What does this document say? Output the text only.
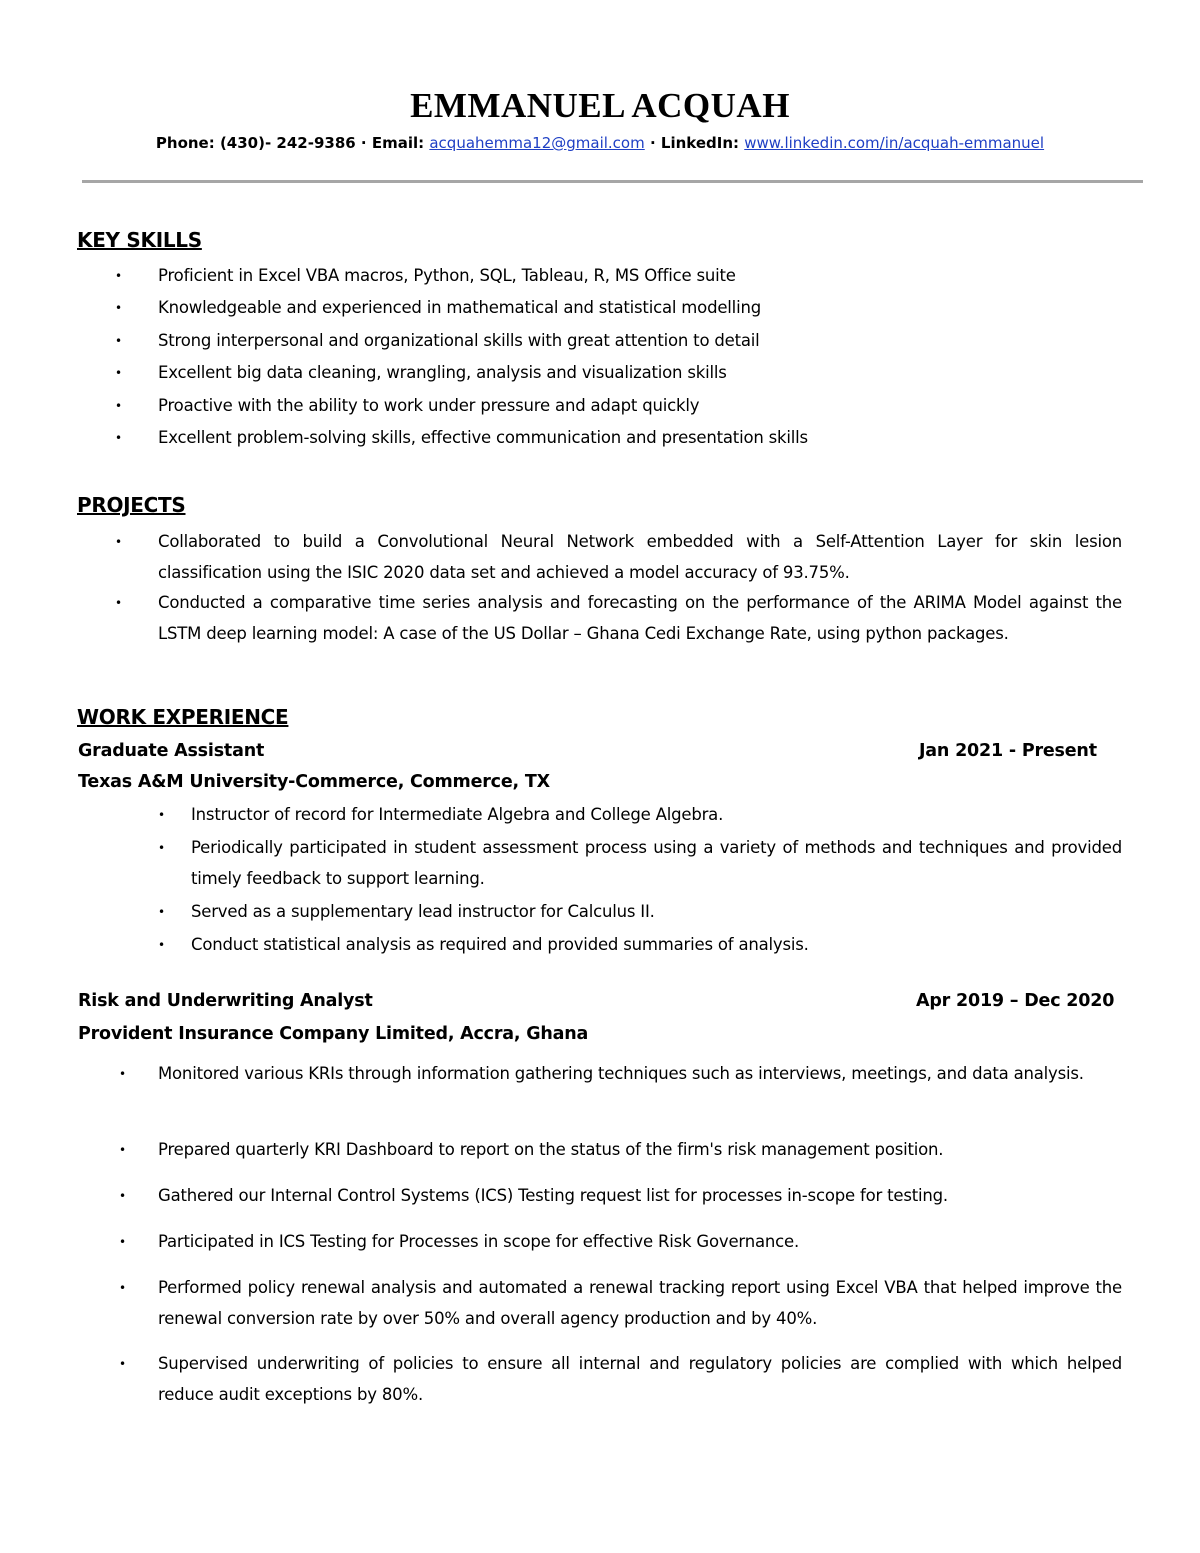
EMMANUEL ACQUAH
Phone: (430)- 242-9386 · Email: acquahemma12@gmail.com · LinkedIn: www.linkedin.com/in/acquah-emmanuel
KEY SKILLS
• Proficient in Excel VBA macros, Python, SQL, Tableau, R, MS Office suite
• Knowledgeable and experienced in mathematical and statistical modelling
• Strong interpersonal and organizational skills with great attention to detail
• Excellent big data cleaning, wrangling, analysis and visualization skills
• Proactive with the ability to work under pressure and adapt quickly
• Excellent problem-solving skills, effective communication and presentation skills
PROJECTS
• Collaborated to build a Convolutional Neural Network embedded with a Self-Attention Layer for skin lesion classification using the ISIC 2020 data set and achieved a model accuracy of 93.75%.
• Conducted a comparative time series analysis and forecasting on the performance of the ARIMA Model against the LSTM deep learning model: A case of the US Dollar – Ghana Cedi Exchange Rate, using python packages.
WORK EXPERIENCE
Graduate Assistant	Jan 2021 - Present
Texas A&M University-Commerce, Commerce, TX
• Instructor of record for Intermediate Algebra and College Algebra.
• Periodically participated in student assessment process using a variety of methods and techniques and provided timely feedback to support learning.
• Served as a supplementary lead instructor for Calculus II.
• Conduct statistical analysis as required and provided summaries of analysis.
Risk and Underwriting Analyst	Apr 2019 – Dec 2020
Provident Insurance Company Limited, Accra, Ghana
• Monitored various KRIs through information gathering techniques such as interviews, meetings, and data analysis.
• Prepared quarterly KRI Dashboard to report on the status of the firm's risk management position.
• Gathered our Internal Control Systems (ICS) Testing request list for processes in-scope for testing.
• Participated in ICS Testing for Processes in scope for effective Risk Governance.
• Performed policy renewal analysis and automated a renewal tracking report using Excel VBA that helped improve the renewal conversion rate by over 50% and overall agency production and by 40%.
• Supervised underwriting of policies to ensure all internal and regulatory policies are complied with which helped reduce audit exceptions by 80%.
